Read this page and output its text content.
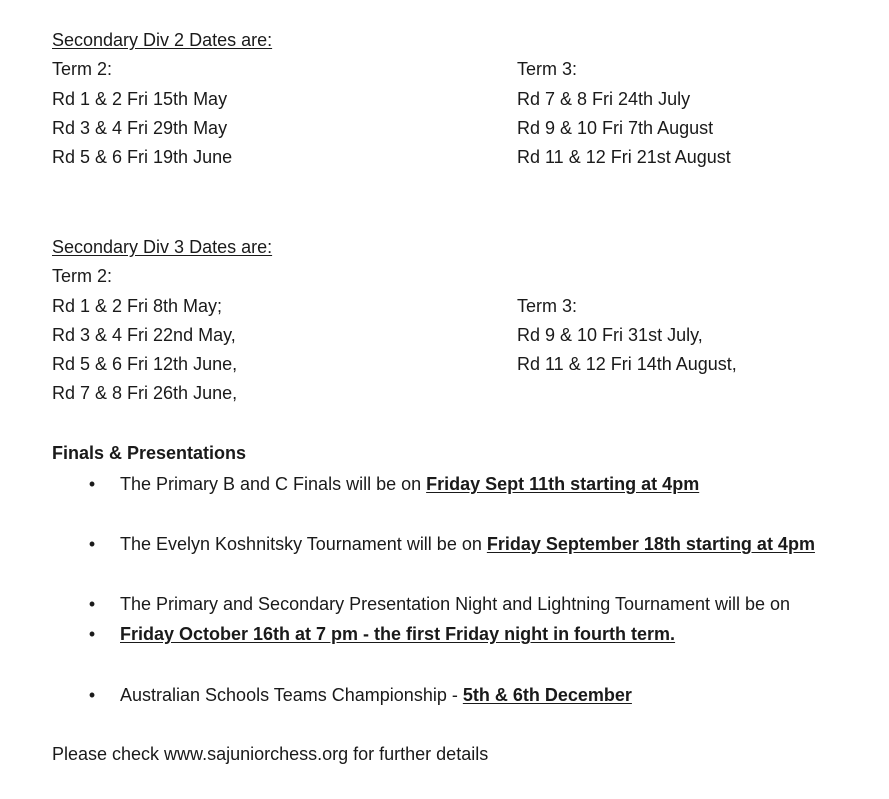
Secondary Div 2 Dates are:
Term 2:
Rd 1 & 2 Fri 15th May
Rd 3 & 4 Fri 29th May
Rd 5 & 6 Fri 19th June
Term 3:
Rd 7 & 8 Fri 24th July
Rd 9 & 10 Fri 7th August
Rd 11 & 12 Fri 21st August
Secondary Div 3 Dates are:
Term 2:
Rd 1 & 2 Fri 8th May;
Rd 3 & 4 Fri 22nd May,
Rd 5 & 6 Fri 12th June,
Rd 7 & 8 Fri 26th June,
Term 3:
Rd 9 & 10 Fri 31st July,
Rd 11 & 12 Fri 14th August,
Finals & Presentations
• The Primary B and C Finals will be on Friday Sept 11th starting at 4pm
• The Evelyn Koshnitsky Tournament will be on Friday September 18th starting at 4pm
• The Primary and Secondary Presentation Night and Lightning Tournament will be on
• Friday October 16th at 7 pm - the first Friday night in fourth term.
• Australian Schools Teams Championship - 5th & 6th December
Please check www.sajuniorchess.org for further details
